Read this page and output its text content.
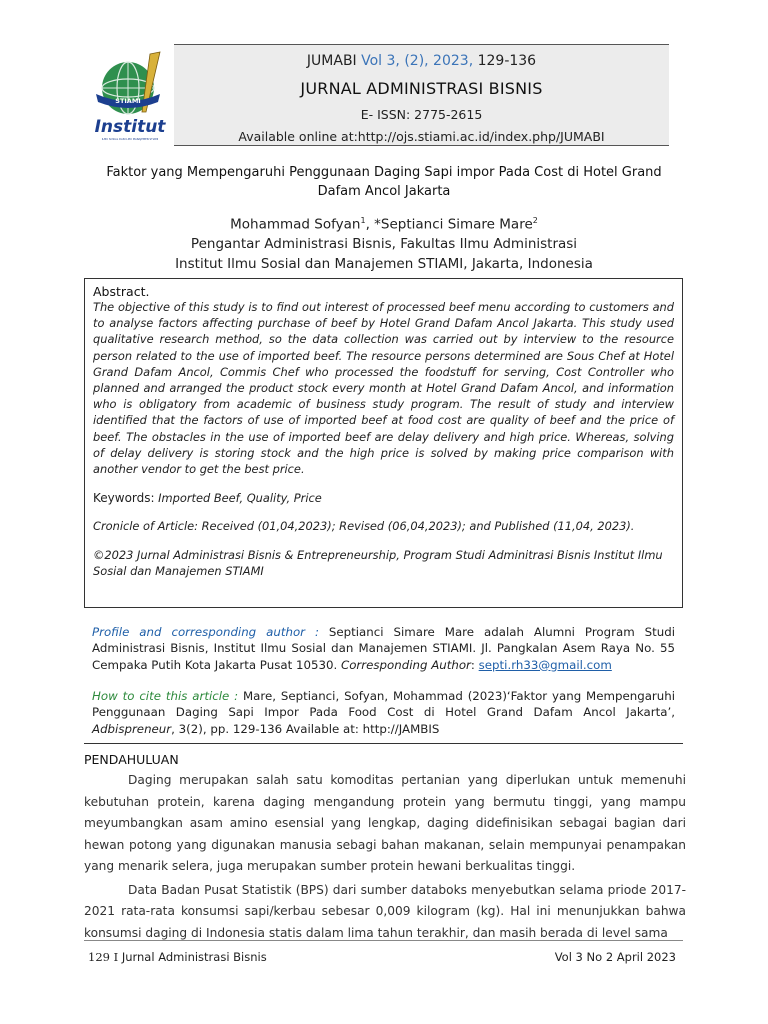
STIAMI
Institut
ILMU SOSIAL DAN ILMU MANAJEMEN STIAMI
JUMABI Vol 3, (2), 2023, 129-136
JURNAL ADMINISTRASI BISNIS
E- ISSN: 2775-2615
Available online at:http://ojs.stiami.ac.id/index.php/JUMABI
Faktor yang Mempengaruhi Penggunaan Daging Sapi impor Pada Cost di Hotel Grand Dafam Ancol Jakarta
Mohammad Sofyan$^1$, *Septianci Simare Mare$^2$
Pengantar Administrasi Bisnis, Fakultas Ilmu Administrasi
Institut Ilmu Sosial dan Manajemen STIAMI, Jakarta, Indonesia
Abstract.
The objective of this study is to find out interest of processed beef menu according to customers and to analyse factors affecting purchase of beef by Hotel Grand Dafam Ancol Jakarta. This study used qualitative research method, so the data collection was carried out by interview to the resource person related to the use of imported beef. The resource persons determined are Sous Chef at Hotel Grand Dafam Ancol, Commis Chef who processed the foodstuff for serving, Cost Controller who planned and arranged the product stock every month at Hotel Grand Dafam Ancol, and information who is obligatory from academic of business study program. The result of study and interview identified that the factors of use of imported beef at food cost are quality of beef and the price of beef. The obstacles in the use of imported beef are delay delivery and high price. Whereas, solving of delay delivery is storing stock and the high price is solved by making price comparison with another vendor to get the best price.
Keywords: Imported Beef, Quality, Price
Cronicle of Article: Received (01,04,2023); Revised (06,04,2023); and Published (11,04, 2023).
©2023 Jurnal Administrasi Bisnis & Entrepreneurship, Program Studi Adminitrasi Bisnis Institut Ilmu Sosial dan Manajemen STIAMI
Profile and corresponding author : Septianci Simare Mare adalah Alumni Program Studi Administrasi Bisnis, Institut Ilmu Sosial dan Manajemen STIAMI. Jl. Pangkalan Asem Raya No. 55 Cempaka Putih Kota Jakarta Pusat 10530. Corresponding Author: septi.rh33@gmail.com
How to cite this article : Mare, Septianci, Sofyan, Mohammad (2023)‘Faktor yang Mempengaruhi Penggunaan Daging Sapi Impor Pada Food Cost di Hotel Grand Dafam Ancol Jakarta’, Adbispreneur, 3(2), pp. 129-136 Available at: http://JAMBIS
PENDAHULUAN

Daging merupakan salah satu komoditas pertanian yang diperlukan untuk memenuhi kebutuhan protein, karena daging mengandung protein yang bermutu tinggi, yang mampu meyumbangkan asam amino esensial yang lengkap, daging didefinisikan sebagai bagian dari hewan potong yang digunakan manusia sebagi bahan makanan, selain mempunyai penampakan yang menarik selera, juga merupakan sumber protein hewani berkualitas tinggi.

Data Badan Pusat Statistik (BPS) dari sumber databoks menyebutkan selama priode 2017-2021 rata-rata konsumsi sapi/kerbau sebesar 0,009 kilogram (kg). Hal ini menunjukkan bahwa konsumsi daging di Indonesia statis dalam lima tahun terakhir, dan masih berada di level sama

129 I Jurnal Administrasi Bisnis	Vol 3 No 2 April 2023
